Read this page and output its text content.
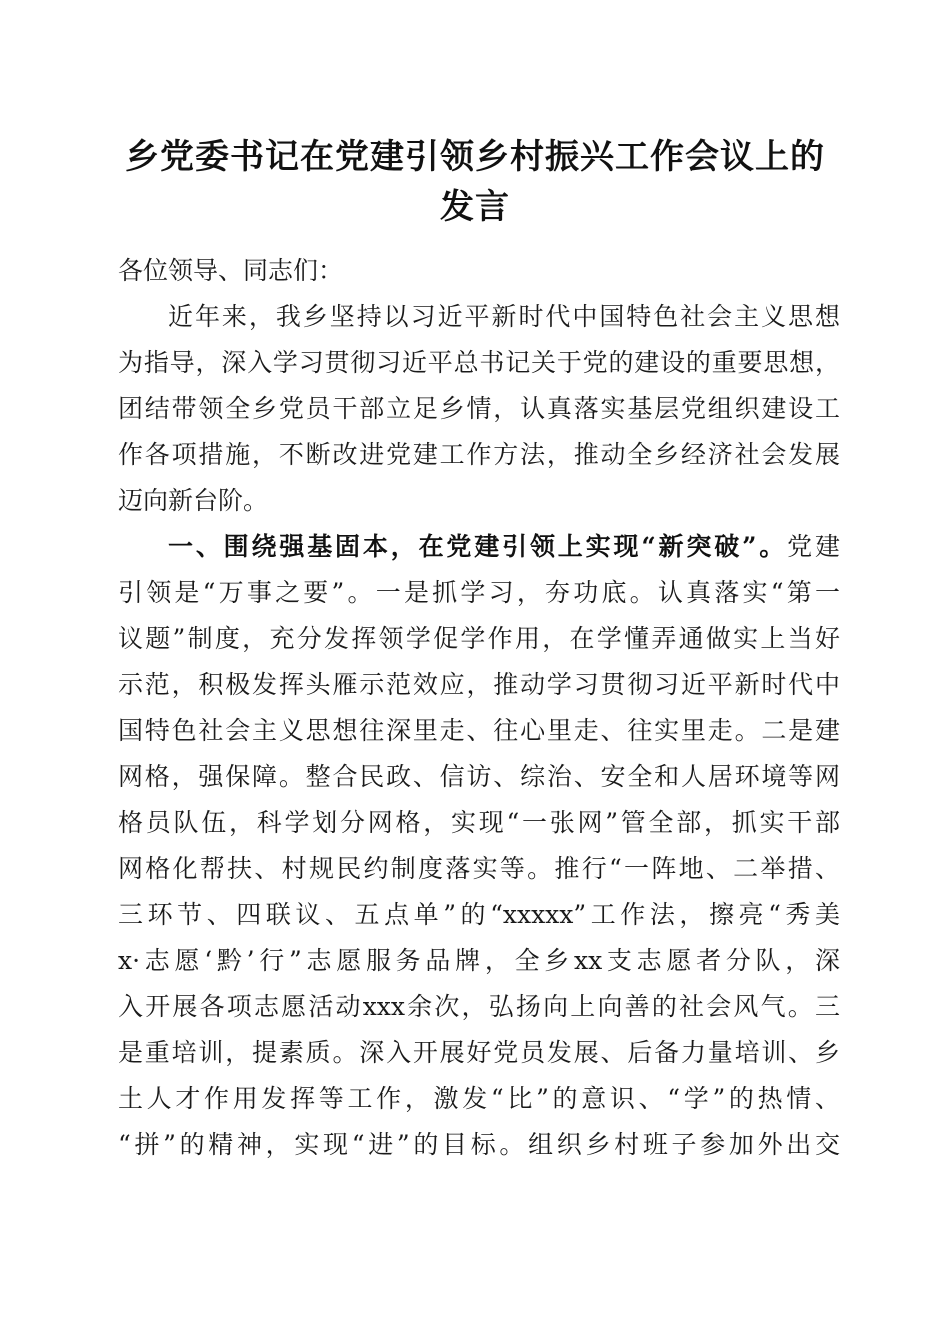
乡党委书记在党建引领乡村振兴工作会议上的
发言
各位领导、同志们：
近年来，我乡坚持以习近平新时代中国特色社会主义思想
为指导，深入学习贯彻习近平总书记关于党的建设的重要思想，
团结带领全乡党员干部立足乡情，认真落实基层党组织建设工
作各项措施，不断改进党建工作方法，推动全乡经济社会发展
迈向新台阶。
一、围绕强基固本，在党建引领上实现“新突破”。党建
引领是“万事之要”。一是抓学习，夯功底。认真落实“第一
议题”制度，充分发挥领学促学作用，在学懂弄通做实上当好
示范，积极发挥头雁示范效应，推动学习贯彻习近平新时代中
国特色社会主义思想往深里走、往心里走、往实里走。二是建
网格，强保障。整合民政、信访、综治、安全和人居环境等网
格员队伍，科学划分网格，实现“一张网”管全部，抓实干部
网格化帮扶、村规民约制度落实等。推行“一阵地、二举措、
三环节、四联议、五点单”的“xxxxx”工作法，擦亮“秀美
x·志愿‘黔’行”志愿服务品牌，全乡xx支志愿者分队，深
入开展各项志愿活动xxx余次，弘扬向上向善的社会风气。三
是重培训，提素质。深入开展好党员发展、后备力量培训、乡
土人才作用发挥等工作，激发“比”的意识、“学”的热情、
“拼”的精神，实现“进”的目标。组织乡村班子参加外出交
